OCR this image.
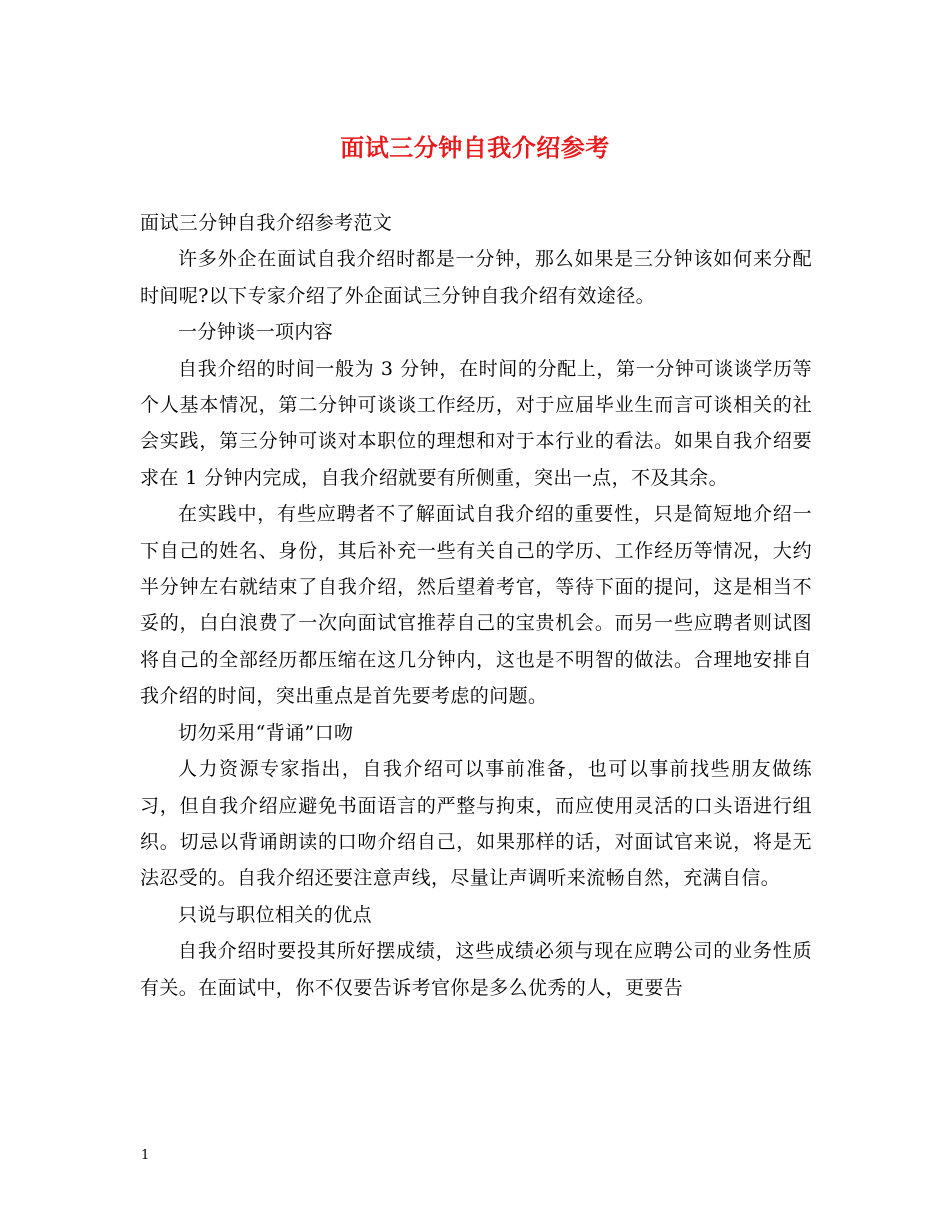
面试三分钟自我介绍参考

面试三分钟自我介绍参考范文

许多外企在面试自我介绍时都是一分钟，那么如果是三分钟该如何来分配时间呢?以下专家介绍了外企面试三分钟自我介绍有效途径。

一分钟谈一项内容

自我介绍的时间一般为 3 分钟，在时间的分配上，第一分钟可谈谈学历等个人基本情况，第二分钟可谈谈工作经历，对于应届毕业生而言可谈相关的社会实践，第三分钟可谈对本职位的理想和对于本行业的看法。如果自我介绍要求在 1 分钟内完成，自我介绍就要有所侧重，突出一点，不及其余。

在实践中，有些应聘者不了解面试自我介绍的重要性，只是简短地介绍一下自己的姓名、身份，其后补充一些有关自己的学历、工作经历等情况，大约半分钟左右就结束了自我介绍，然后望着考官，等待下面的提问，这是相当不妥的，白白浪费了一次向面试官推荐自己的宝贵机会。而另一些应聘者则试图将自己的全部经历都压缩在这几分钟内，这也是不明智的做法。合理地安排自我介绍的时间，突出重点是首先要考虑的问题。

切勿采用“背诵”口吻

人力资源专家指出，自我介绍可以事前准备，也可以事前找些朋友做练习，但自我介绍应避免书面语言的严整与拘束，而应使用灵活的口头语进行组织。切忌以背诵朗读的口吻介绍自己，如果那样的话，对面试官来说，将是无法忍受的。自我介绍还要注意声线，尽量让声调听来流畅自然，充满自信。

只说与职位相关的优点

自我介绍时要投其所好摆成绩，这些成绩必须与现在应聘公司的业务性质有关。在面试中，你不仅要告诉考官你是多么优秀的人，更要告

1
